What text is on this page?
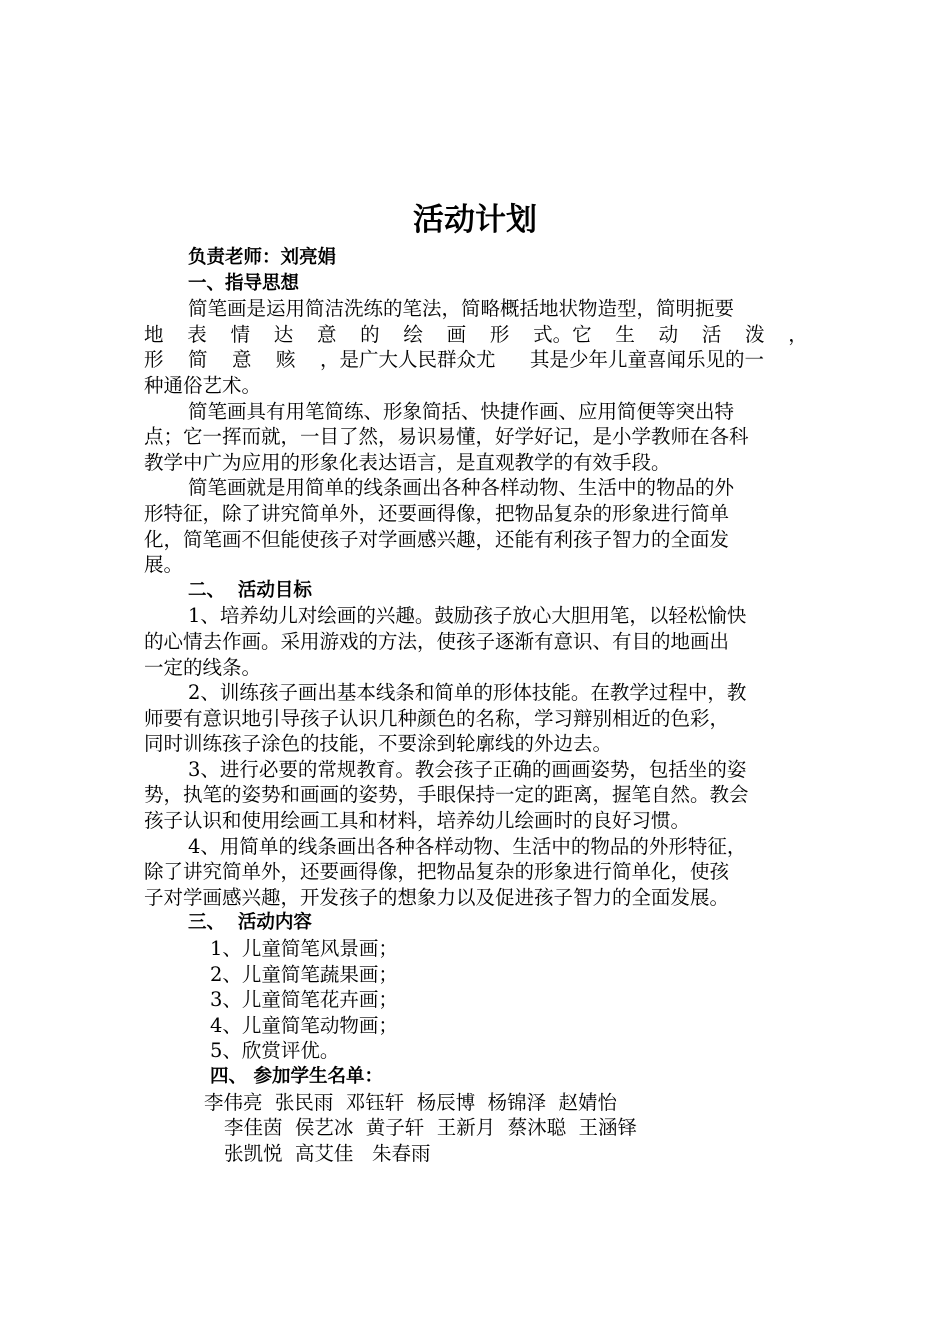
活动计划
负责老师：刘亮娟
一、指导思想
简笔画是运用简洁洗练的笔法，简略概括地状物造型，简明扼要
地 表 情 达 意 的 绘 画 形 式。它 生 动 活 泼 ，
形	简	意	赅	，是广大人民群众尤	其是少年儿童喜闻乐见的一
种通俗艺术。
简笔画具有用笔简练、形象简括、快捷作画、应用简便等突出特
点；它一挥而就，一目了然，易识易懂，好学好记，是小学教师在各科
教学中广为应用的形象化表达语言，是直观教学的有效手段。
简笔画就是用简单的线条画出各种各样动物、生活中的物品的外
形特征，除了讲究简单外，还要画得像，把物品复杂的形象进行简单
化，简笔画不但能使孩子对学画感兴趣，还能有利孩子智力的全面发
展。
二、  活动目标
1、培养幼儿对绘画的兴趣。鼓励孩子放心大胆用笔，以轻松愉快
的心情去作画。采用游戏的方法，使孩子逐渐有意识、有目的地画出
一定的线条。
2、训练孩子画出基本线条和简单的形体技能。在教学过程中，教
师要有意识地引导孩子认识几种颜色的名称，学习辩别相近的色彩，
同时训练孩子涂色的技能，不要涂到轮廓线的外边去。
3、进行必要的常规教育。教会孩子正确的画画姿势，包括坐的姿
势，执笔的姿势和画画的姿势，手眼保持一定的距离，握笔自然。教会
孩子认识和使用绘画工具和材料，培养幼儿绘画时的良好习惯。
4、用简单的线条画出各种各样动物、生活中的物品的外形特征，
除了讲究简单外，还要画得像，把物品复杂的形象进行简单化，使孩
子对学画感兴趣，开发孩子的想象力以及促进孩子智力的全面发展。
三、  活动内容
1、儿童简笔风景画；
2、儿童简笔蔬果画；
3、儿童简笔花卉画；
4、儿童简笔动物画；
5、欣赏评优。
四、 参加学生名单：
李伟亮  张民雨  邓钰轩  杨辰博  杨锦泽  赵婧怡
李佳茵  侯艺冰  黄子轩  王新月  蔡沐聪  王涵铎
张凯悦  高艾佳   朱春雨
